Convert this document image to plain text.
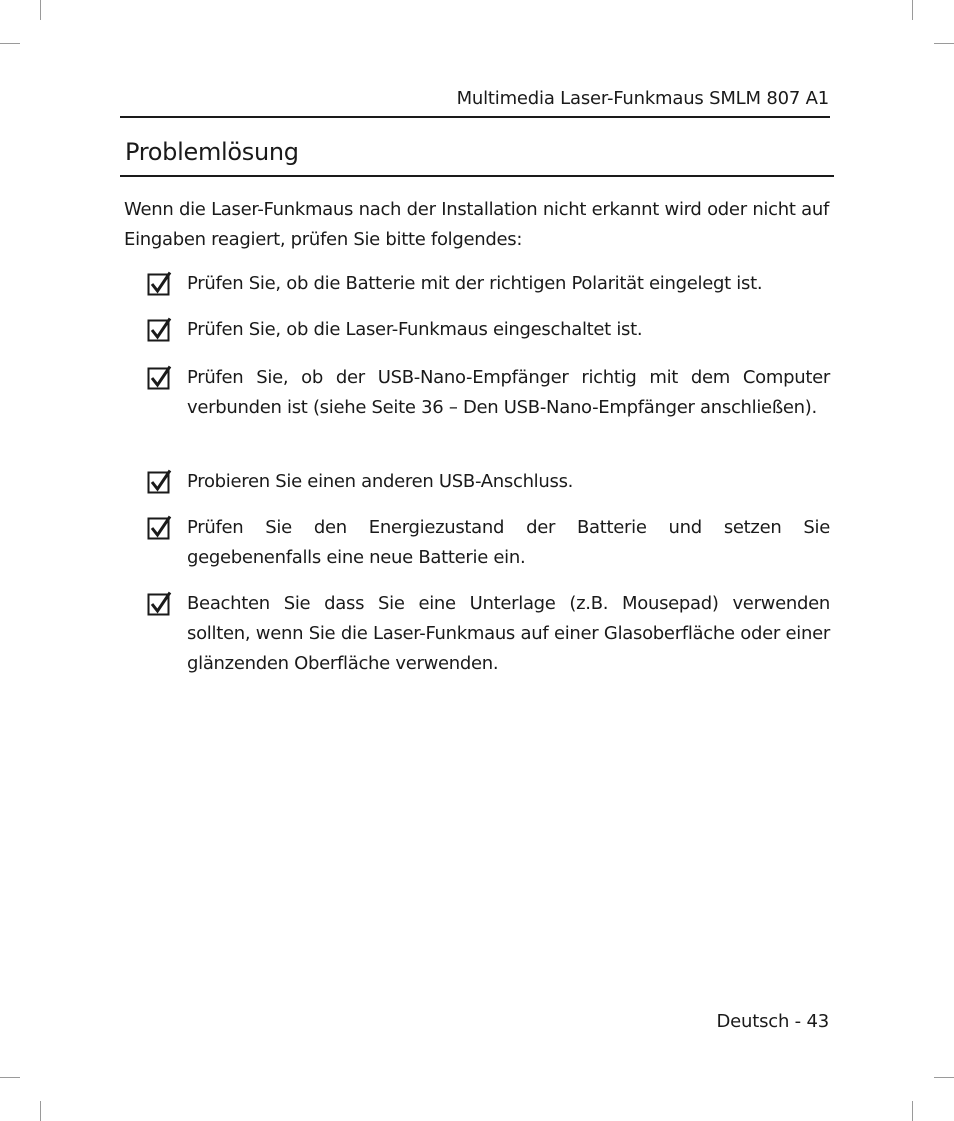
Multimedia Laser-Funkmaus SMLM 807 A1
Problemlösung

Wenn die Laser-Funkmaus nach der Installation nicht erkannt wird oder nicht auf Eingaben reagiert, prüfen Sie bitte folgendes:

Prüfen Sie, ob die Batterie mit der richtigen Polarität eingelegt ist.
Prüfen Sie, ob die Laser-Funkmaus eingeschaltet ist.
Prüfen Sie, ob der USB-Nano-Empfänger richtig mit dem Computer verbunden ist (siehe Seite 36 – Den USB-Nano-Empfänger anschließen).
Probieren Sie einen anderen USB-Anschluss.
Prüfen Sie den Energiezustand der Batterie und setzen Sie gegebenenfalls eine neue Batterie ein.
Beachten Sie dass Sie eine Unterlage (z.B. Mousepad) verwenden sollten, wenn Sie die Laser-Funkmaus auf einer Glasoberfläche oder einer glänzenden Oberfläche verwenden.
Deutsch - 43
